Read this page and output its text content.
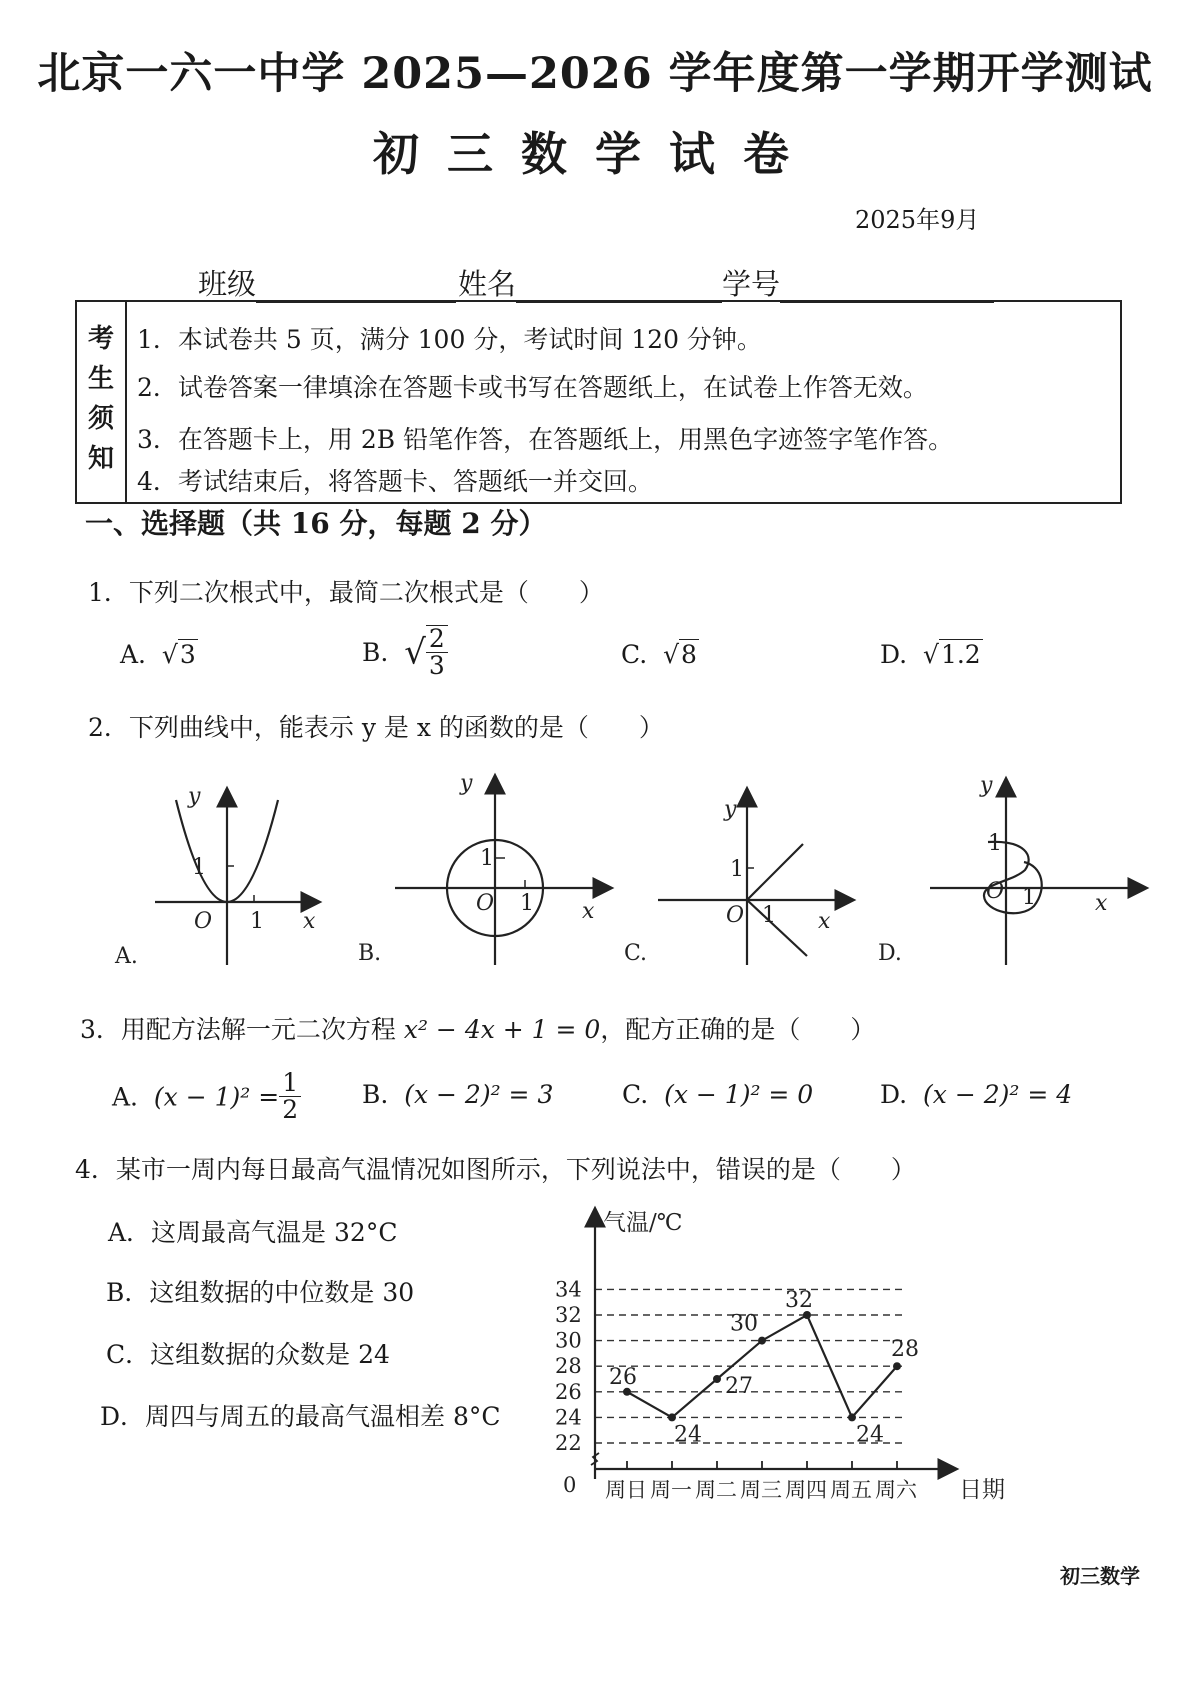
北京一六一中学 2025—2026 学年度第一学期开学测试
初三数学试卷
2025年9月
班级	姓名	学号
考
生
须
知
1．本试卷共 5 页，满分 100 分，考试时间 120 分钟。
2．试卷答案一律填涂在答题卡或书写在答题纸上，在试卷上作答无效。
3．在答题卡上，用 2B 铅笔作答，在答题纸上，用黑色字迹签字笔作答。
4．考试结束后，将答题卡、答题纸一并交回。
一、选择题（共 16 分，每题 2 分）
1．下列二次根式中，最简二次根式是（　　）
A. √3	B. √ $\frac{2}{3}$	C. √8	D. √1.2
2．下列曲线中，能表示 y 是 x 的函数的是（　　）
y
1
O 1 x
y
1
O 1 x
y
1
O 1 x
y
1
O 1	x
A.	B.	C.	D.
3．用配方法解一元二次方程 x² − 4x + 1 = 0，配方正确的是（　　）
A. $(x - 1)^2 = \frac{1}{2} B$. (x − 2)² = 3	C. (x − 1)² = 0	D. (x − 2)² = 4
4．某市一周内每日最高气温情况如图所示，下列说法中，错误的是（　　）
A．这周最高气温是 32°C
B．这组数据的中位数是 30
C．这组数据的众数是 24
D．周四与周五的最高气温相差 8°C
气温/℃
日期
0
22
24
26
28
30
32
34
周日 周一 周二 周三 周四 周五 周六
26
24
27
30
32
24
28
初三数学
